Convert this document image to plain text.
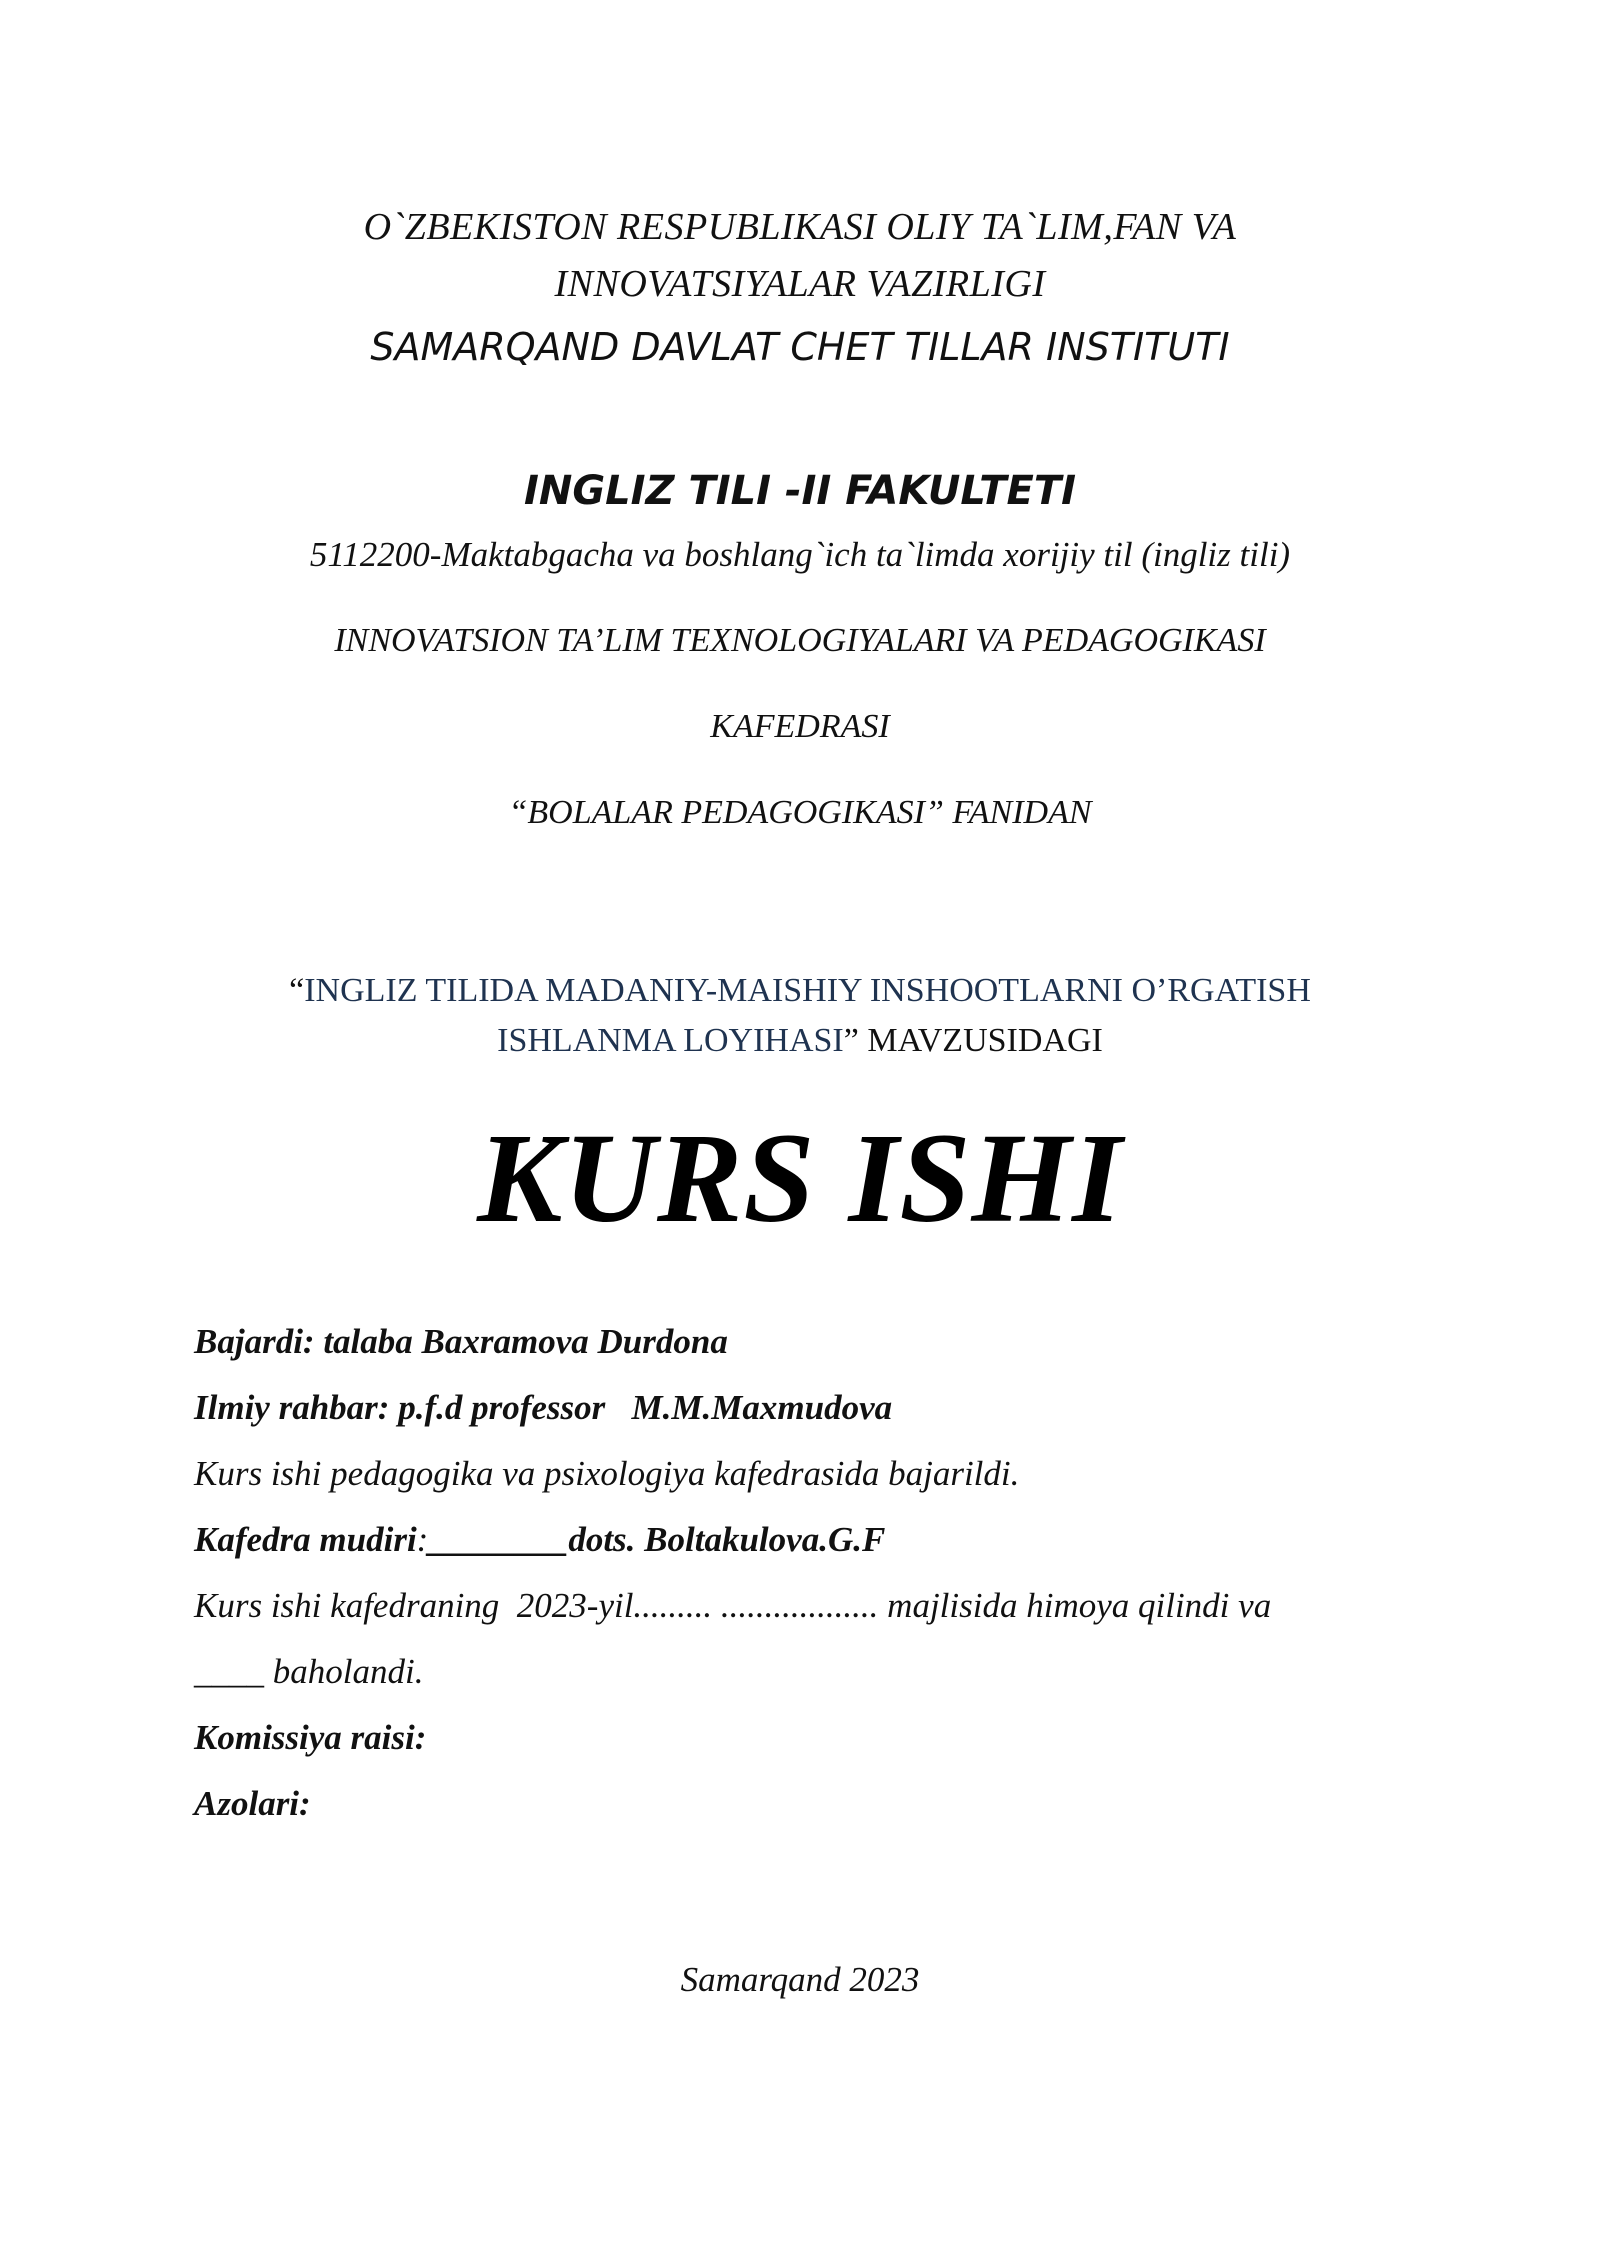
O`ZBEKISTON RESPUBLIKASI OLIY TA`LIM,FAN VA
INNOVATSIYALAR VAZIRLIGI
SAMARQAND DAVLAT CHET TILLAR INSTITUTI
INGLIZ TILI -II FAKULTETI
5112200-Maktabgacha va boshlang`ich ta`limda xorijiy til (ingliz tili)
INNOVATSION TA’LIM TEXNOLOGIYALARI VA PEDAGOGIKASI
KAFEDRASI
“BOLALAR PEDAGOGIKASI” FANIDAN
“INGLIZ TILIDA MADANIY-MAISHIY INSHOOTLARNI O’RGATISH
ISHLANMA LOYIHASI” MAVZUSIDAGI
KURS ISHI
Bajardi: talaba Baxramova Durdona
Ilmiy rahbar: p.f.d professor   M.M.Maxmudova
Kurs ishi pedagogika va psixologiya kafedrasida bajarildi.
Kafedra mudiri:________dots. Boltakulova.G.F
Kurs ishi kafedraning  2023-yil......... .................. majlisida himoya qilindi va
____ baholandi.
Komissiya raisi:
Azolari:
Samarqand 2023
